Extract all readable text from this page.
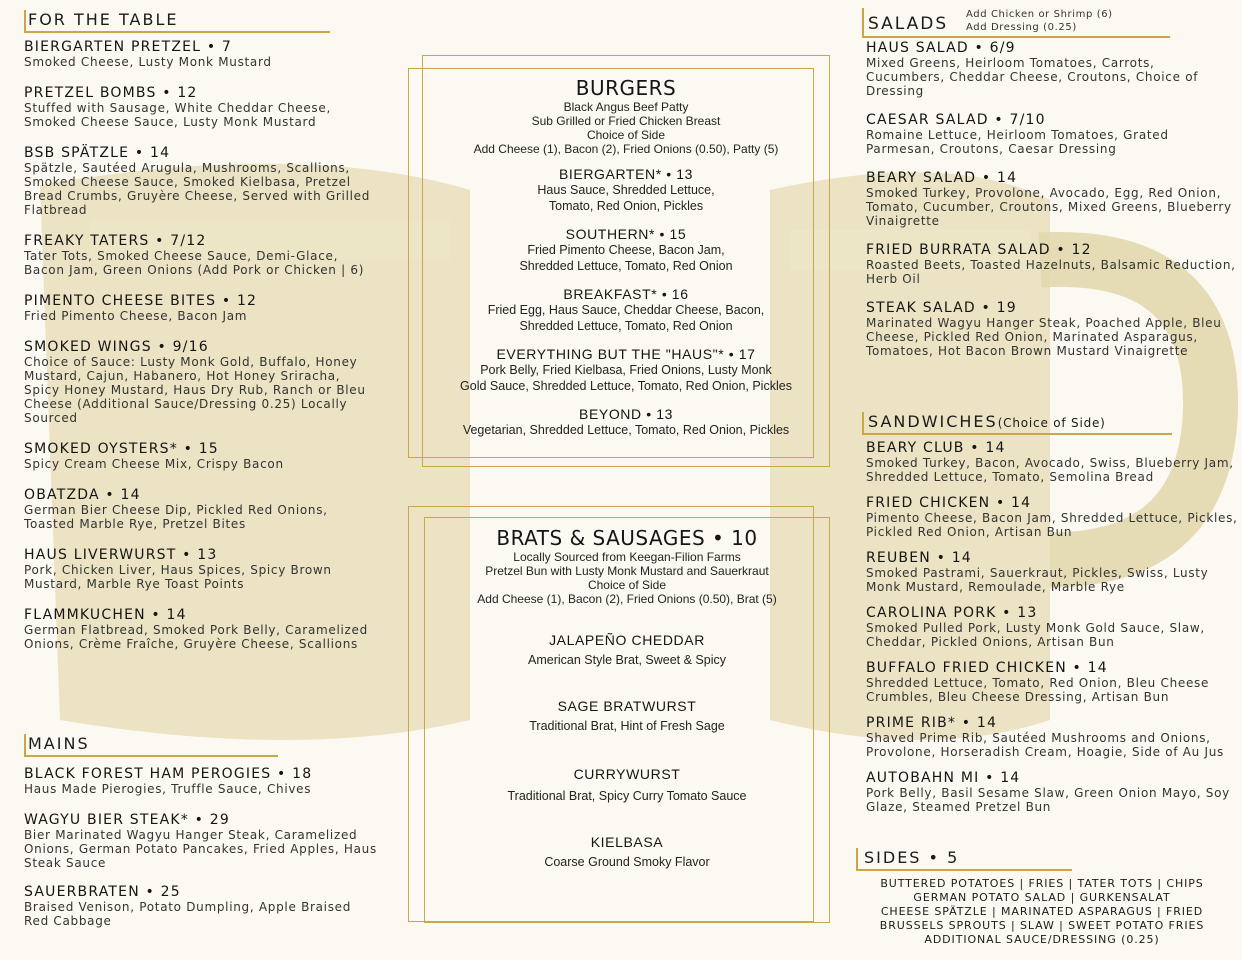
FOR THE TABLE
BIERGARTEN PRETZEL • 7
Smoked Cheese, Lusty Monk Mustard
PRETZEL BOMBS • 12
Stuffed with Sausage, White Cheddar Cheese, Smoked Cheese Sauce, Lusty Monk Mustard
BSB SPÄTZLE • 14
Spätzle, Sautéed Arugula, Mushrooms, Scallions, Smoked Cheese Sauce, Smoked Kielbasa, Pretzel Bread Crumbs, Gruyère Cheese, Served with Grilled Flatbread
FREAKY TATERS • 7/12
Tater Tots, Smoked Cheese Sauce, Demi-Glace, Bacon Jam, Green Onions (Add Pork or Chicken | 6)
PIMENTO CHEESE BITES • 12
Fried Pimento Cheese, Bacon Jam
SMOKED WINGS • 9/16
Choice of Sauce: Lusty Monk Gold, Buffalo, Honey Mustard, Cajun, Habanero, Hot Honey Sriracha, Spicy Honey Mustard, Haus Dry Rub, Ranch or Bleu Cheese (Additional Sauce/Dressing 0.25) Locally Sourced
SMOKED OYSTERS* • 15
Spicy Cream Cheese Mix, Crispy Bacon
OBATZDA • 14
German Bier Cheese Dip, Pickled Red Onions, Toasted Marble Rye, Pretzel Bites
HAUS LIVERWURST • 13
Pork, Chicken Liver, Haus Spices, Spicy Brown Mustard, Marble Rye Toast Points
FLAMMKUCHEN • 14
German Flatbread, Smoked Pork Belly, Caramelized Onions, Crème Fraîche, Gruyère Cheese, Scallions
MAINS
BLACK FOREST HAM PEROGIES • 18
Haus Made Pierogies, Truffle Sauce, Chives
WAGYU BIER STEAK* • 29
Bier Marinated Wagyu Hanger Steak, Caramelized Onions, German Potato Pancakes, Fried Apples, Haus Steak Sauce
SAUERBRATEN • 25
Braised Venison, Potato Dumpling, Apple Braised Red Cabbage
BURGERS
Black Angus Beef Patty
Sub Grilled or Fried Chicken Breast
Choice of Side
Add Cheese (1), Bacon (2), Fried Onions (0.50), Patty (5)
BIERGARTEN* • 13
Haus Sauce, Shredded Lettuce,
Tomato, Red Onion, Pickles
SOUTHERN* • 15
Fried Pimento Cheese, Bacon Jam,
Shredded Lettuce, Tomato, Red Onion
BREAKFAST* • 16
Fried Egg, Haus Sauce, Cheddar Cheese, Bacon,
Shredded Lettuce, Tomato, Red Onion
EVERYTHING BUT THE "HAUS"* • 17
Pork Belly, Fried Kielbasa, Fried Onions, Lusty Monk
Gold Sauce, Shredded Lettuce, Tomato, Red Onion, Pickles
BEYOND • 13
Vegetarian, Shredded Lettuce, Tomato, Red Onion, Pickles
BRATS & SAUSAGES • 10
Locally Sourced from Keegan-Filion Farms
Pretzel Bun with Lusty Monk Mustard and Sauerkraut
Choice of Side
Add Cheese (1), Bacon (2), Fried Onions (0.50), Brat (5)
JALAPEÑO CHEDDAR
American Style Brat, Sweet & Spicy
SAGE BRATWURST
Traditional Brat, Hint of Fresh Sage
CURRYWURST
Traditional Brat, Spicy Curry Tomato Sauce
KIELBASA
Coarse Ground Smoky Flavor
SALADS Add Chicken or Shrimp (6)
Add Dressing (0.25)
HAUS SALAD • 6/9
Mixed Greens, Heirloom Tomatoes, Carrots, Cucumbers, Cheddar Cheese, Croutons, Choice of Dressing
CAESAR SALAD • 7/10
Romaine Lettuce, Heirloom Tomatoes, Grated Parmesan, Croutons, Caesar Dressing
BEARY SALAD • 14
Smoked Turkey, Provolone, Avocado, Egg, Red Onion, Tomato, Cucumber, Croutons, Mixed Greens, Blueberry Vinaigrette
FRIED BURRATA SALAD • 12
Roasted Beets, Toasted Hazelnuts, Balsamic Reduction, Herb Oil
STEAK SALAD • 19
Marinated Wagyu Hanger Steak, Poached Apple, Bleu Cheese, Pickled Red Onion, Marinated Asparagus, Tomatoes, Hot Bacon Brown Mustard Vinaigrette
SANDWICHES(Choice of Side)
BEARY CLUB • 14
Smoked Turkey, Bacon, Avocado, Swiss, Blueberry Jam, Shredded Lettuce, Tomato, Semolina Bread
FRIED CHICKEN • 14
Pimento Cheese, Bacon Jam, Shredded Lettuce, Pickles, Pickled Red Onion, Artisan Bun
REUBEN • 14
Smoked Pastrami, Sauerkraut, Pickles, Swiss, Lusty Monk Mustard, Remoulade, Marble Rye
CAROLINA PORK • 13
Smoked Pulled Pork, Lusty Monk Gold Sauce, Slaw, Cheddar, Pickled Onions, Artisan Bun
BUFFALO FRIED CHICKEN • 14
Shredded Lettuce, Tomato, Red Onion, Bleu Cheese Crumbles, Bleu Cheese Dressing, Artisan Bun
PRIME RIB* • 14
Shaved Prime Rib, Sautéed Mushrooms and Onions, Provolone, Horseradish Cream, Hoagie, Side of Au Jus
AUTOBAHN MI • 14
Pork Belly, Basil Sesame Slaw, Green Onion Mayo, Soy Glaze, Steamed Pretzel Bun
SIDES • 5
BUTTERED POTATOES | FRIES | TATER TOTS | CHIPS
GERMAN POTATO SALAD | GURKENSALAT
CHEESE SPÄTZLE | MARINATED ASPARAGUS | FRIED
BRUSSELS SPROUTS | SLAW | SWEET POTATO FRIES
ADDITIONAL SAUCE/DRESSING (0.25)
